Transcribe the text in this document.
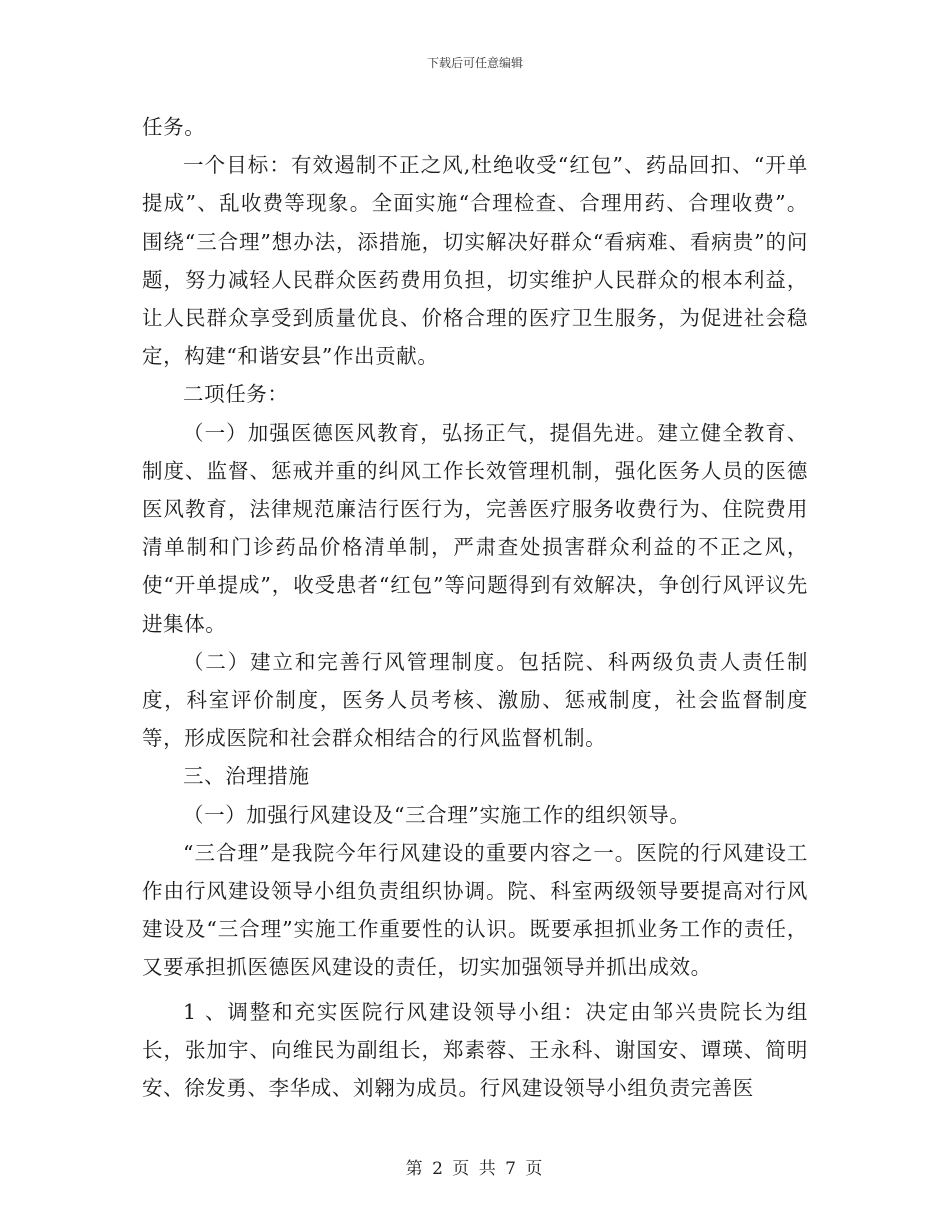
下载后可任意编辑

任务。

一个目标：有效遏制不正之风,杜绝收受“红包”、药品回扣、“开单提成”、乱收费等现象。全面实施“合理检查、合理用药、合理收费”。围绕“三合理”想办法，添措施，切实解决好群众“看病难、看病贵”的问题，努力减轻人民群众医药费用负担，切实维护人民群众的根本利益，让人民群众享受到质量优良、价格合理的医疗卫生服务，为促进社会稳定，构建“和谐安县”作出贡献。

二项任务：

（一）加强医德医风教育，弘扬正气，提倡先进。建立健全教育、制度、监督、惩戒并重的纠风工作长效管理机制，强化医务人员的医德医风教育，法律规范廉洁行医行为，完善医疗服务收费行为、住院费用清单制和门诊药品价格清单制，严肃查处损害群众利益的不正之风，使“开单提成”，收受患者“红包”等问题得到有效解决，争创行风评议先进集体。

（二）建立和完善行风管理制度。包括院、科两级负责人责任制度，科室评价制度，医务人员考核、激励、惩戒制度，社会监督制度等，形成医院和社会群众相结合的行风监督机制。

三、治理措施

（一）加强行风建设及“三合理”实施工作的组织领导。

“三合理”是我院今年行风建设的重要内容之一。医院的行风建设工作由行风建设领导小组负责组织协调。院、科室两级领导要提高对行风建设及“三合理”实施工作重要性的认识。既要承担抓业务工作的责任，又要承担抓医德医风建设的责任，切实加强领导并抓出成效。

1 、调整和充实医院行风建设领导小组：决定由邹兴贵院长为组长，张加宇、向维民为副组长，郑素蓉、王永科、谢国安、谭瑛、简明安、徐发勇、李华成、刘翱为成员。行风建设领导小组负责完善医

第 2 页 共 7 页
